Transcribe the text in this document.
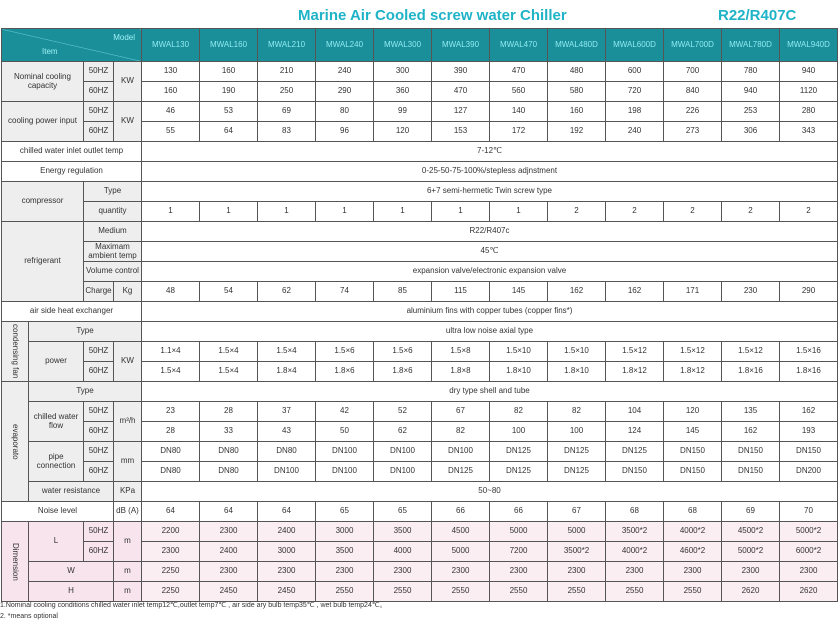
Marine Air Cooled screw water Chiller	R22/R407C
Model
Item				MWAL130	MWAL160	MWAL210	MWAL240	MWAL300	MWAL390	MWAL470	MWAL480D	MWAL600D	MWAL700D	MWAL780D	MWAL940D
Nominal cooling capacity		50HZ	KW	130	160	210	240	300	390	470	480	600	700	780	940
		60HZ		160	190	250	290	360	470	560	580	720	840	940	1120
cooling power input		50HZ	KW	46	53	69	80	99	127	140	160	198	226	253	280
		60HZ		55	64	83	96	120	153	172	192	240	273	306	343
chilled water inlet outlet temp				7-12℃											
Energy regulation				0-25-50-75-100%/stepless adjnstment											
compressor		Type		6+7 semi-hermetic Twin screw type											
		quantity		1	1	1	1	1	1	1	2	2	2	2	2
refrigerant		Medium		R22/R407c											
		Maximam ambient temp		45℃											
		Volume control		expansion valve/electronic expansion valve											
		Charge	Kg	48	54	62	74	85	115	145	162	162	171	230	290
air side heat exchanger				aluminium fins with copper tubes (copper fins*)											

condensing fan	Type			ultra low noise axial type											
	power	50HZ	KW	1.1×4	1.5×4	1.5×4	1.5×6	1.5×6	1.5×8	1.5×10	1.5×10	1.5×12	1.5×12	1.5×12	1.5×16
		60HZ		1.5×4	1.5×4	1.8×4	1.8×6	1.8×6	1.8×8	1.8×10	1.8×10	1.8×12	1.8×12	1.8×16	1.8×16

evaporato	Type			dry type shell and tube											
	chilled water flow	50HZ	m³/h	23	28	37	42	52	67	82	82	104	120	135	162
		60HZ		28	33	43	50	62	82	100	100	124	145	162	193
	pipe connection	50HZ	mm	DN80	DN80	DN80	DN100	DN100	DN100	DN125	DN125	DN125	DN150	DN150	DN150
		60HZ		DN80	DN80	DN100	DN100	DN100	DN125	DN125	DN125	DN150	DN150	DN150	DN200
	water resistance		KPa	50~80											
Noise level			dB (A)	64	64	64	65	65	66	66	67	68	68	69	70

Dimension	L	50HZ	m	2200	2300	2400	3000	3500	4500	5000	5000	3500*2	4000*2	4500*2	5000*2
		60HZ		2300	2400	3000	3500	4000	5000	7200	3500*2	4000*2	4600*2	5000*2	6000*2
	W		m	2250	2300	2300	2300	2300	2300	2300	2300	2300	2300	2300	2300
	H		m	2250	2450	2450	2550	2550	2550	2550	2550	2550	2550	2620	2620
1.Nominal cooling conditions chilled water inlet temp12℃,outlet temp7℃ , air side ary bulb temp35℃ , wet bulb temp24℃。
2. *means optional
